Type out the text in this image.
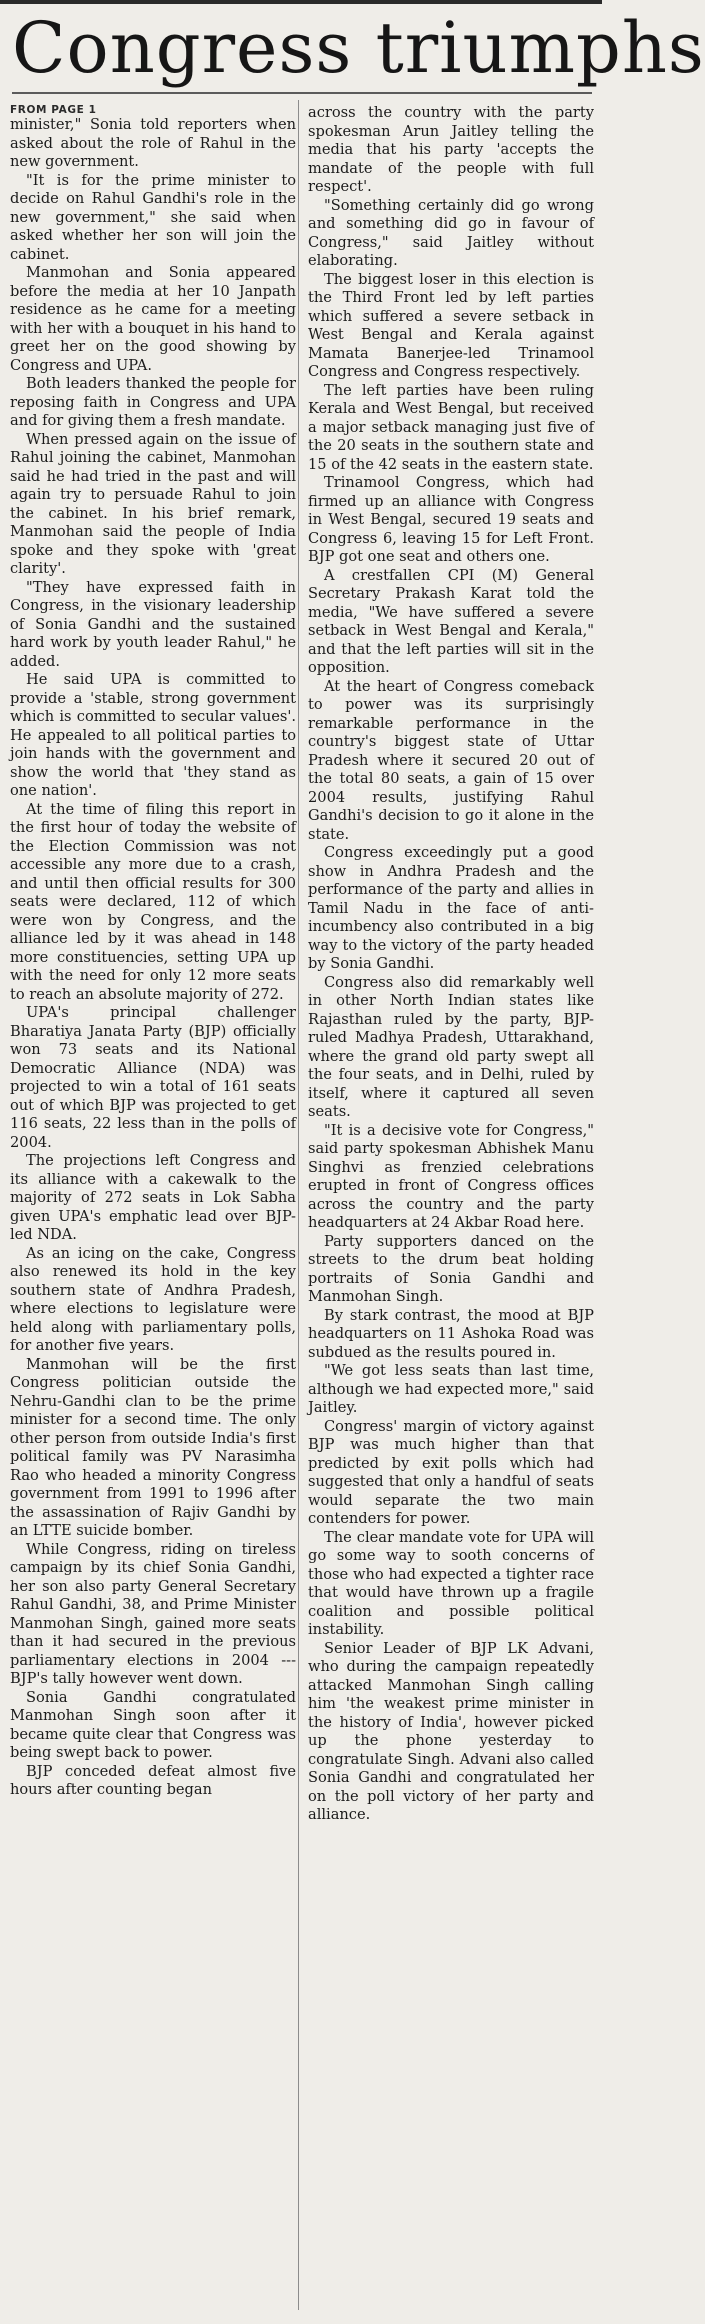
Congress triumphs
FROM PAGE 1

minister," Sonia told reporters when asked about the role of Rahul in the new government.

"It is for the prime minister to decide on Rahul Gandhi's role in the new government," she said when asked whether her son will join the cabinet.

Manmohan and Sonia appeared before the media at her 10 Janpath residence as he came for a meeting with her with a bouquet in his hand to greet her on the good showing by Congress and UPA.

Both leaders thanked the people for reposing faith in Congress and UPA and for giving them a fresh mandate.

When pressed again on the issue of Rahul joining the cabinet, Manmohan said he had tried in the past and will again try to persuade Rahul to join the cabinet. In his brief remark, Manmohan said the people of India spoke and they spoke with 'great clarity'.

"They have expressed faith in Congress, in the visionary leadership of Sonia Gandhi and the sustained hard work by youth leader Rahul," he added.

He said UPA is committed to provide a 'stable, strong government which is committed to secular values'. He appealed to all political parties to join hands with the government and show the world that 'they stand as one nation'.

At the time of filing this report in the first hour of today the website of the Election Commission was not accessible any more due to a crash, and until then official results for 300 seats were declared, 112 of which were won by Congress, and the alliance led by it was ahead in 148 more constituencies, setting UPA up with the need for only 12 more seats to reach an absolute majority of 272.

UPA's principal challenger Bharatiya Janata Party (BJP) officially won 73 seats and its National Democratic Alliance (NDA) was projected to win a total of 161 seats out of which BJP was projected to get 116 seats, 22 less than in the polls of 2004.

The projections left Congress and its alliance with a cakewalk to the majority of 272 seats in Lok Sabha given UPA's emphatic lead over BJP-led NDA.

As an icing on the cake, Congress also renewed its hold in the key southern state of Andhra Pradesh, where elections to legislature were held along with parliamentary polls, for another five years.

Manmohan will be the first Congress politician outside the Nehru-Gandhi clan to be the prime minister for a second time. The only other person from outside India's first political family was PV Narasimha Rao who headed a minority Congress government from 1991 to 1996 after the assassination of Rajiv Gandhi by an LTTE suicide bomber.

While Congress, riding on tireless campaign by its chief Sonia Gandhi, her son also party General Secretary Rahul Gandhi, 38, and Prime Minister Manmohan Singh, gained more seats than it had secured in the previous parliamentary elections in 2004 --- BJP's tally however went down.

Sonia Gandhi congratulated Manmohan Singh soon after it became quite clear that Congress was being swept back to power.

BJP conceded defeat almost five hours after counting began

across the country with the party spokesman Arun Jaitley telling the media that his party 'accepts the mandate of the people with full respect'.

"Something certainly did go wrong and something did go in favour of Congress," said Jaitley without elaborating.

The biggest loser in this election is the Third Front led by left parties which suffered a severe setback in West Bengal and Kerala against Mamata Banerjee-led Trinamool Congress and Congress respectively.

The left parties have been ruling Kerala and West Bengal, but received a major setback managing just five of the 20 seats in the southern state and 15 of the 42 seats in the eastern state.

Trinamool Congress, which had firmed up an alliance with Congress in West Bengal, secured 19 seats and Congress 6, leaving 15 for Left Front. BJP got one seat and others one.

A crestfallen CPI (M) General Secretary Prakash Karat told the media, "We have suffered a severe setback in West Bengal and Kerala," and that the left parties will sit in the opposition.

At the heart of Congress comeback to power was its surprisingly remarkable performance in the country's biggest state of Uttar Pradesh where it secured 20 out of the total 80 seats, a gain of 15 over 2004 results, justifying Rahul Gandhi's decision to go it alone in the state.

Congress exceedingly put a good show in Andhra Pradesh and the performance of the party and allies in Tamil Nadu in the face of anti-incumbency also contributed in a big way to the victory of the party headed by Sonia Gandhi.

Congress also did remarkably well in other North Indian states like Rajasthan ruled by the party, BJP-ruled Madhya Pradesh, Uttarakhand, where the grand old party swept all the four seats, and in Delhi, ruled by itself, where it captured all seven seats.

"It is a decisive vote for Congress," said party spokesman Abhishek Manu Singhvi as frenzied celebrations erupted in front of Congress offices across the country and the party headquarters at 24 Akbar Road here.

Party supporters danced on the streets to the drum beat holding portraits of Sonia Gandhi and Manmohan Singh.

By stark contrast, the mood at BJP headquarters on 11 Ashoka Road was subdued as the results poured in.

"We got less seats than last time, although we had expected more," said Jaitley.

Congress' margin of victory against BJP was much higher than that predicted by exit polls which had suggested that only a handful of seats would separate the two main contenders for power.

The clear mandate vote for UPA will go some way to sooth concerns of those who had expected a tighter race that would have thrown up a fragile coalition and possible political instability.

Senior Leader of BJP LK Advani, who during the campaign repeatedly attacked Manmohan Singh calling him 'the weakest prime minister in the history of India', however picked up the phone yesterday to congratulate Singh. Advani also called Sonia Gandhi and congratulated her on the poll victory of her party and alliance.
